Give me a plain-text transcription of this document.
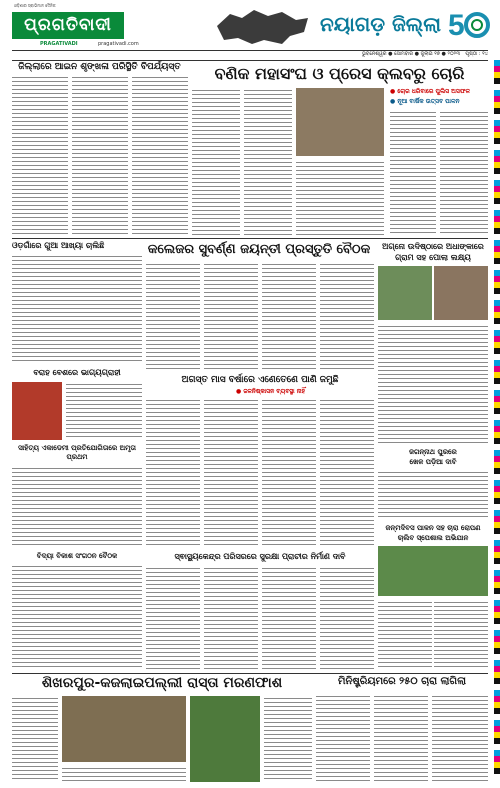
ଓଡ଼ିଶାର ସ୍ଵାଭିମାନ ଦୈନିକ
ପ୍ରଗତିବାଦୀ
PRAGATIVADI	pragativadi.com
ନୟାଗଡ଼ ଜିଲ୍ଲା 5
ଭୁବନେଶ୍ୱର ● ସୋମବାର ● ଜୁଲାଇ ୧୭ ● ୨୦୨୩ ପୃଷ୍ଠା : ୧୪
ଜିଲ୍ଲାରେ ଆଇନ ଶୃଙ୍ଖଳା ପରିସ୍ଥିତି ବିପର୍ଯ୍ୟସ୍ତ	ବଣିକ ମହାସଂଘ ଓ ପ୍ରେସ କ୍ଲବରୁ ଚୋରି
● ଚୋର ଧରିବାରେ ପୁଲିସ ଅସଫଳ
● ନୂଆ ବାର୍ଷିକ ଉତ୍ସବ ପାଳନ
ଓଡ଼ଗାଁରେ ଗୁଆ ଆଖ୍ୟା ଚାଲିଛି	କଲେଜର ସୁବର୍ଣ୍ଣ ଜୟନ୍ତୀ ପ୍ରସ୍ତୁତି ବୈଠକ	ଅଗ୍ନୋ ଉଦିଷ୍ଠାରେ ଅଧାଙ୍କାରେ
ଗ୍ରାମ ସହ ପୋଲା ଲକ୍ଷ୍ୟ
ବରାହ ବେଶରେ ଭାଗ୍ୟଗ୍ରାହୀ
ଅଗସ୍ତ ମାସ ବର୍ଷାରେ ଏଣେତେଣେ ପାଣି ଜମୁଛି
● ଜଳନିଷ୍କାସନ ବ୍ୟବସ୍ଥା ନାହିଁ
ସାହିତ୍ୟ ଏକାଡେମୀ ପ୍ରତିଯୋଗିତାରେ ଅମୃତା ପ୍ରଥମ
ବିଦ୍ୟା ବିକାଶ ସଂଗଠନ ବୈଠକ
ଜଗନ୍ନାଥ ପୁରରେ
ଖେଳ ପଡ଼ିଆ ଦାବି
ଜନ୍ମଦିବସ ପାଳନ ସହ ଚାରା ରୋପଣ
ଚାଲିବ ସ୍ପେଶାଲ ଅଭିଯାନ
ସ୍ଵାସ୍ଥ୍ୟକେନ୍ଦ୍ର ପରିସରରେ ସୁରକ୍ଷା ପ୍ରାଚୀର ନିର୍ମାଣ ଦାବି
ଶିଖରପୁର-କଜଲାଇପଲ୍ଲୀ ରାସ୍ତା ମରଣଫାଶ	ମିନିଷ୍ଟ୍ରିୟମରେ ୨୫୦ ଚାରା ଲାଗିଲା
